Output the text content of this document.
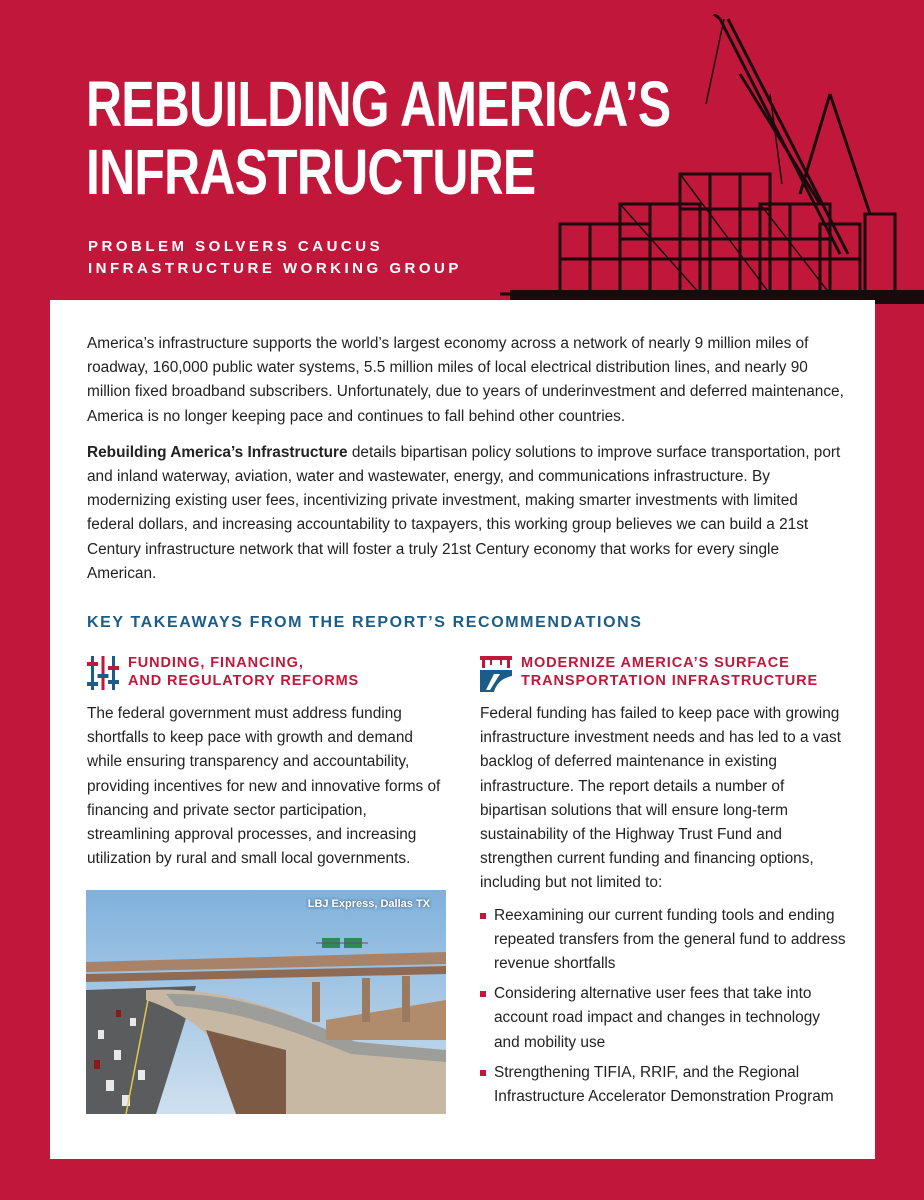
REBUILDING AMERICA’S
INFRASTRUCTURE
PROBLEM SOLVERS CAUCUS
INFRASTRUCTURE WORKING GROUP

America’s infrastructure supports the world’s largest economy across a network of nearly 9 million miles of roadway, 160,000 public water systems, 5.5 million miles of local electrical distribution lines, and nearly 90 million fixed broadband subscribers. Unfortunately, due to years of underinvestment and deferred maintenance, America is no longer keeping pace and continues to fall behind other countries.

Rebuilding America’s Infrastructure details bipartisan policy solutions to improve surface transportation, port and inland waterway, aviation, water and wastewater, energy, and communications infrastructure. By modernizing existing user fees, incentivizing private investment, making smarter investments with limited federal dollars, and increasing accountability to taxpayers, this working group believes we can build a 21st Century infrastructure network that will foster a truly 21st Century economy that works for every single American.

KEY TAKEAWAYS FROM THE REPORT’S RECOMMENDATIONS
FUNDING, FINANCING,
AND REGULATORY REFORMS
The federal government must address funding shortfalls to keep pace with growth and demand while ensuring transparency and accountability, providing incentives for new and innovative forms of financing and private sector participation, streamlining approval processes, and increasing utilization by rural and small local governments.
LBJ Express, Dallas TX
MODERNIZE AMERICA’S SURFACE
TRANSPORTATION INFRASTRUCTURE
Federal funding has failed to keep pace with growing infrastructure investment needs and has led to a vast backlog of deferred maintenance in existing infrastructure. The report details a number of bipartisan solutions that will ensure long-term sustainability of the Highway Trust Fund and strengthen current funding and financing options, including but not limited to:
Reexamining our current funding tools and ending repeated transfers from the general fund to address revenue shortfalls
Considering alternative user fees that take into account road impact and changes in technology and mobility use
Strengthening TIFIA, RRIF, and the Regional Infrastructure Accelerator Demonstration Program
